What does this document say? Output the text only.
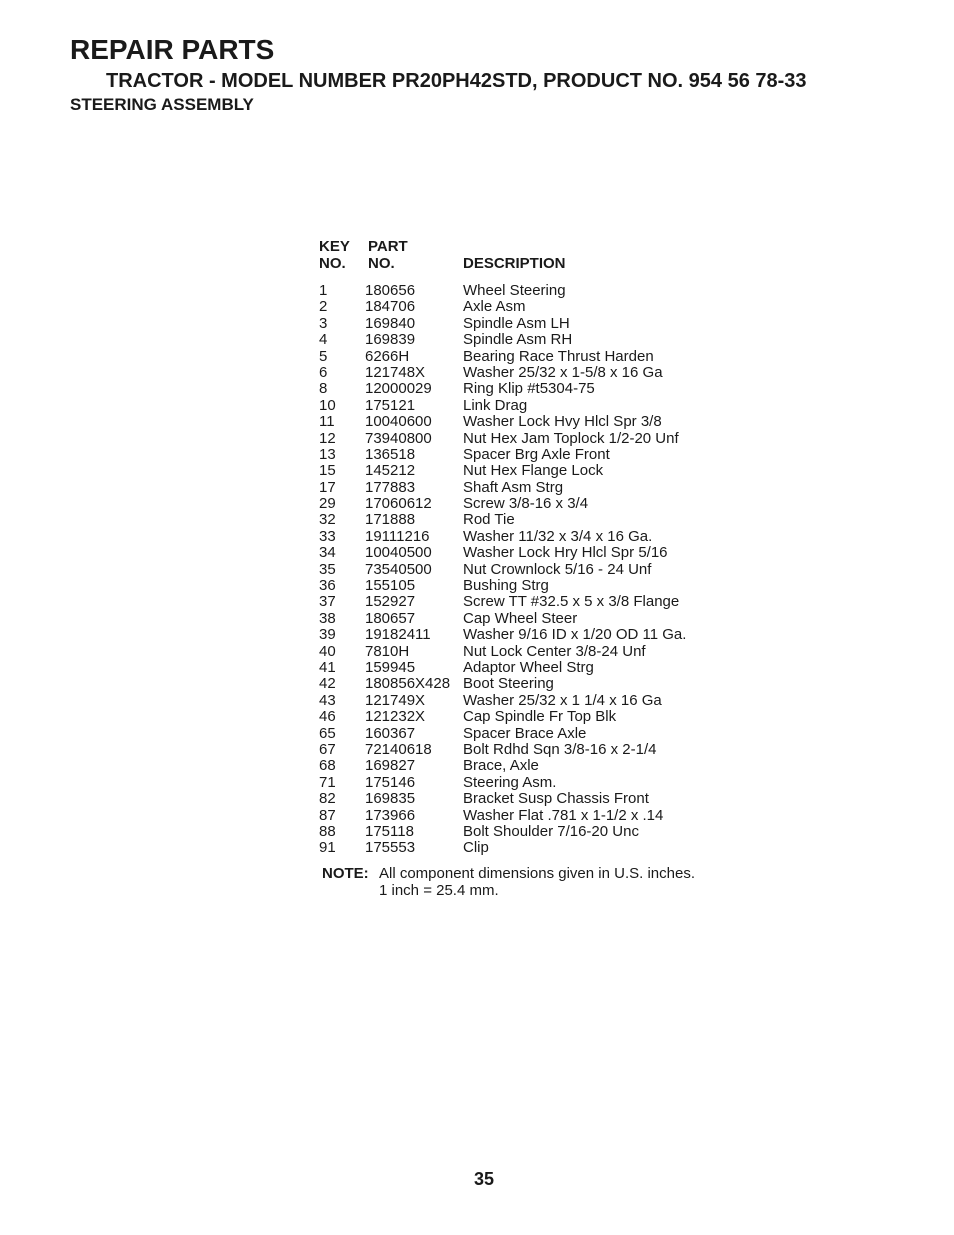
REPAIR PARTS
TRACTOR - MODEL NUMBER PR20PH42STD, PRODUCT NO. 954 56 78-33
STEERING ASSEMBLY
KEY
NO.
PART
NO.	DESCRIPTION
1	180656	Wheel Steering
2	184706	Axle Asm
3	169840	Spindle Asm LH
4	169839	Spindle Asm RH
5	6266H	Bearing Race Thrust Harden
6	121748X	Washer 25/32 x 1-5/8 x 16 Ga
8	12000029 Ring Klip #t5304-75
10 175121	Link Drag
11 10040600 Washer Lock Hvy Hlcl Spr 3/8
12 73940800 Nut Hex Jam Toplock 1/2-20 Unf
13 136518	Spacer Brg Axle Front
15 145212	Nut Hex Flange Lock
17 177883	Shaft Asm Strg
29 17060612 Screw 3/8-16 x 3/4
32 171888	Rod Tie
33 19111216 Washer 11/32 x 3/4 x 16 Ga.
34 10040500 Washer Lock Hry Hlcl Spr 5/16
35 73540500 Nut Crownlock 5/16 - 24 Unf
36 155105	Bushing Strg
37 152927	Screw TT #32.5 x 5 x 3/8 Flange
38 180657	Cap Wheel Steer
39 19182411 Washer 9/16 ID x 1/20 OD 11 Ga.
40 7810H	Nut Lock Center 3/8-24 Unf
41 159945	Adaptor Wheel Strg
42 180856X428 Boot Steering
43 121749X	Washer 25/32 x 1 1/4 x 16 Ga
46 121232X	Cap Spindle Fr Top Blk
65 160367	Spacer Brace Axle
67 72140618 Bolt Rdhd Sqn 3/8-16 x 2-1/4
68 169827	Brace, Axle
71 175146	Steering Asm.
82 169835	Bracket Susp Chassis Front
87 173966	Washer Flat .781 x 1-1/2 x .14
88 175118	Bolt Shoulder 7/16-20 Unc
91 175553	Clip
NOTE: All component dimensions given in U.S. inches.
1 inch = 25.4 mm.
35
